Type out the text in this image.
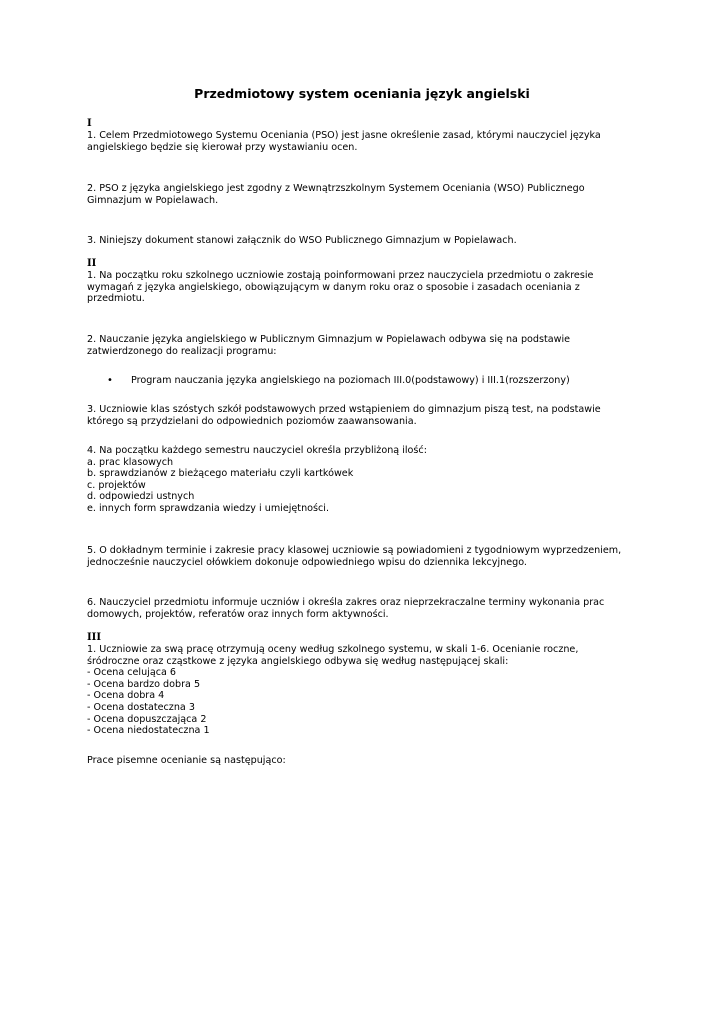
Przedmiotowy system oceniania język angielski
I
1. Celem Przedmiotowego Systemu Oceniania (PSO) jest jasne określenie zasad, którymi nauczyciel języka
angielskiego będzie się kierował przy wystawianiu ocen.
2. PSO z języka angielskiego jest zgodny z Wewnątrzszkolnym Systemem Oceniania (WSO) Publicznego
Gimnazjum w Popielawach.
3. Niniejszy dokument stanowi załącznik do WSO Publicznego Gimnazjum w Popielawach.
II
1. Na początku roku szkolnego uczniowie zostają poinformowani przez nauczyciela przedmiotu o zakresie
wymagań z języka angielskiego, obowiązującym w danym roku oraz o sposobie i zasadach oceniania z
przedmiotu.
2. Nauczanie języka angielskiego w Publicznym Gimnazjum w Popielawach odbywa się na podstawie
zatwierdzonego do realizacji programu:
•	Program nauczania języka angielskiego na poziomach III.0(podstawowy) i III.1(rozszerzony)
3. Uczniowie klas szóstych szkół podstawowych przed wstąpieniem do gimnazjum piszą test, na podstawie
którego są przydzielani do odpowiednich poziomów zaawansowania.
4. Na początku każdego semestru nauczyciel określa przybliżoną ilość:
a. prac klasowych
b. sprawdzianów z bieżącego materiału czyli kartkówek
c. projektów
d. odpowiedzi ustnych
e. innych form sprawdzania wiedzy i umiejętności.
5. O dokładnym terminie i zakresie pracy klasowej uczniowie są powiadomieni z tygodniowym wyprzedzeniem,
jednocześnie nauczyciel ołówkiem dokonuje odpowiedniego wpisu do dziennika lekcyjnego.
6. Nauczyciel przedmiotu informuje uczniów i określa zakres oraz nieprzekraczalne terminy wykonania prac
domowych, projektów, referatów oraz innych form aktywności.
III
1. Uczniowie za swą pracę otrzymują oceny według szkolnego systemu, w skali 1-6. Ocenianie roczne,
śródroczne oraz cząstkowe z języka angielskiego odbywa się według następującej skali:
- Ocena celująca 6
- Ocena bardzo dobra 5
- Ocena dobra 4
- Ocena dostateczna 3
- Ocena dopuszczająca 2
- Ocena niedostateczna 1
Prace pisemne ocenianie są następująco:
